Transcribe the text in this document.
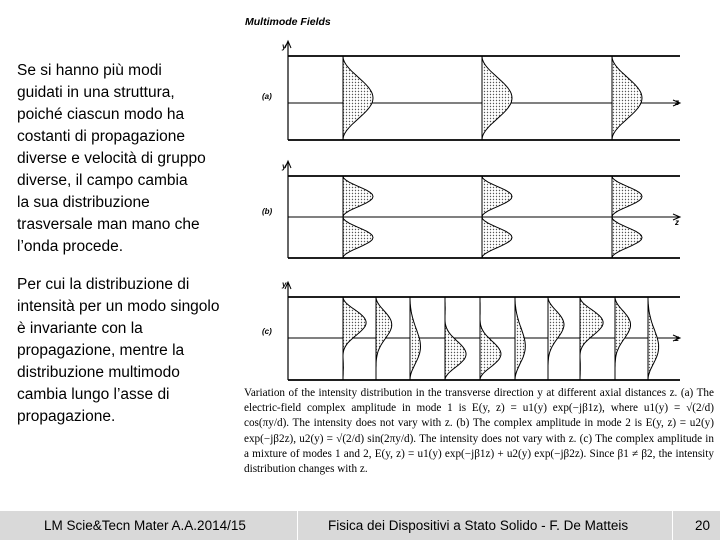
Se si hanno più modi
guidati in una struttura,
poiché ciascun modo ha
costanti di propagazione
diverse e velocità di gruppo
diverse, il campo cambia
la sua distribuzione
trasversale man mano che
l’onda procede.
Per cui la distribuzione di
intensità per un modo singolo
è invariante con la
propagazione, mentre la
distribuzione multimodo
cambia lungo l’asse di
propagazione.
Multimode Fields
(a)
(b)
(c)
y
y
y
z
z
z
Variation of the intensity distribution in the transverse direction y at different axial distances z. (a) The electric-field complex amplitude in mode 1 is E(y, z) = u1(y) exp(−jβ1z), where u1(y) = √(2/d) cos(πy/d). The intensity does not vary with z. (b) The complex amplitude in mode 2 is E(y, z) = u2(y) exp(−jβ2z), u2(y) = √(2/d) sin(2πy/d). The intensity does not vary with z. (c) The complex amplitude in a mixture of modes 1 and 2, E(y, z) = u1(y) exp(−jβ1z) + u2(y) exp(−jβ2z). Since β1 ≠ β2, the intensity distribution changes with z.
LM Scie&Tecn Mater A.A.2014/15	Fisica dei Dispositivi a Stato Solido - F. De Matteis	20
